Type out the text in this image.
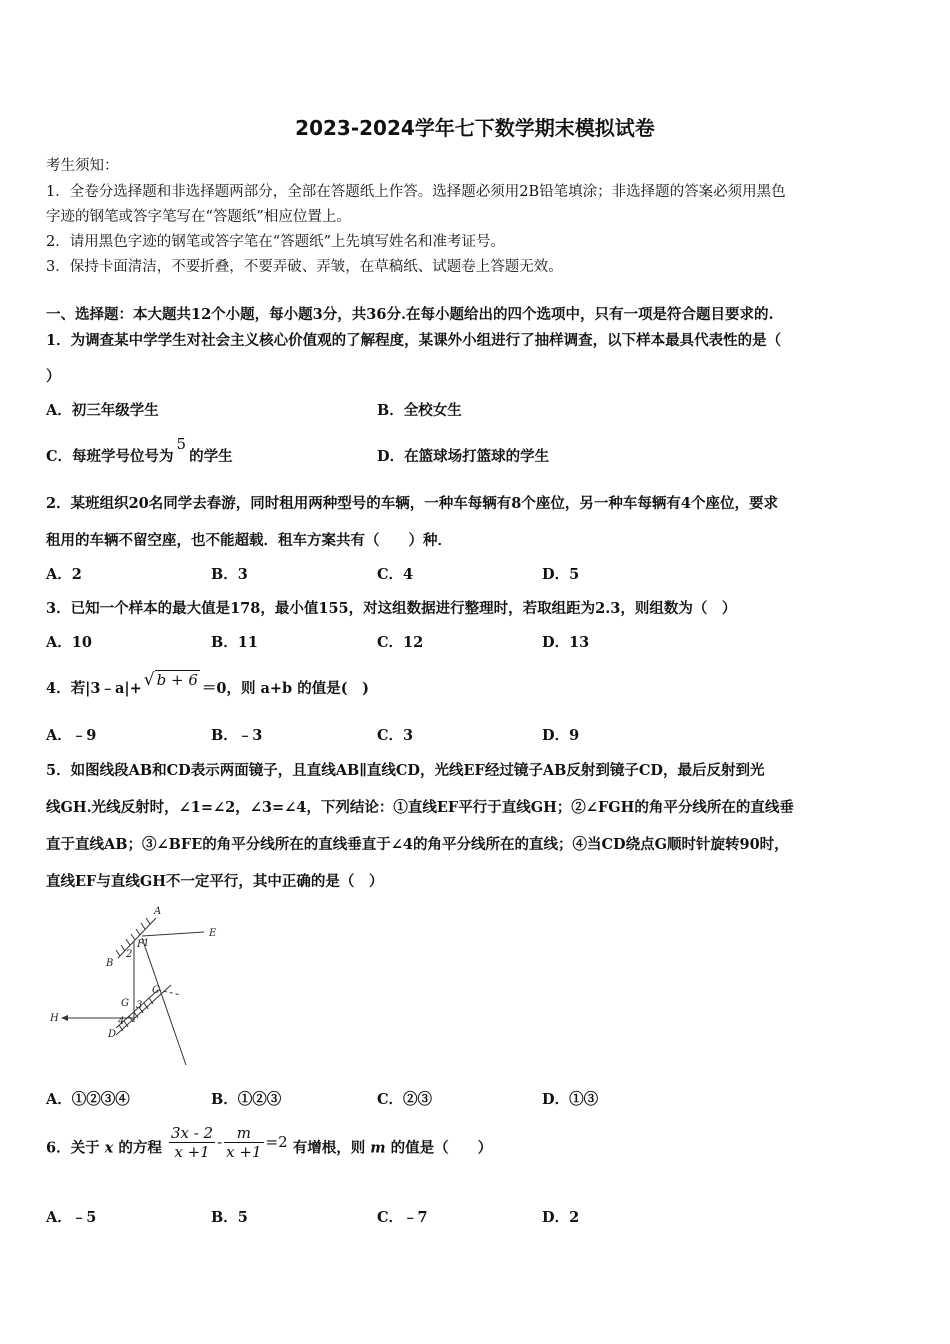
2023-2024学年七下数学期末模拟试卷
考生须知：
1．全卷分选择题和非选择题两部分，全部在答题纸上作答。选择题必须用2B铅笔填涂；非选择题的答案必须用黑色
字迹的钢笔或答字笔写在“答题纸”相应位置上。
2．请用黑色字迹的钢笔或答字笔在“答题纸”上先填写姓名和准考证号。
3．保持卡面清洁，不要折叠，不要弄破、弄皱，在草稿纸、试题卷上答题无效。
一、选择题：本大题共12个小题，每小题3分，共36分.在每小题给出的四个选项中，只有一项是符合题目要求的.
1．为调查某中学学生对社会主义核心价值观的了解程度，某课外小组进行了抽样调查，以下样本最具代表性的是（
）
A．初三年级学生	B．全校女生
C．每班学号位号为5的学生	D．在篮球场打篮球的学生
2．某班组织20名同学去春游，同时租用两种型号的车辆，一种车每辆有8个座位，另一种车每辆有4个座位，要求
租用的车辆不留空座，也不能超载．租车方案共有（　　）种．
A．2	B．3	C．4	D．5
3．已知一个样本的最大值是178，最小值155，对这组数据进行整理时，若取组距为2.3，则组数为（　）
A．10	B．11	C．12	D．13
4．若|3﹣a|+ √ b + 6 ＝0，则 a+b 的值是(　)
A．﹣9	B．﹣3	C．3	D．9
5．如图线段AB和CD表示两面镜子，且直线AB∥直线CD，光线EF经过镜子AB反射到镜子CD，最后反射到光
线GH.光线反射时，∠1=∠2，∠3=∠4，下列结论：①直线EF平行于直线GH；②∠FGH的角平分线所在的直线垂
直于直线AB；③∠BFE的角平分线所在的直线垂直于∠4的角平分线所在的直线；④当CD绕点G顺时针旋转90时，
直线EF与直线GH不一定平行，其中正确的是（　）
A
E
F
B
1
2
C
G 3
4
H
D
A．①②③④	B．①②③	C．②③	D．①③
6．关于 x 的方程 $\frac{3x - 2}{x +1} - \frac{m}{x +1} =2$ 有增根，则 m 的值是（　　）
A．﹣5	B．5	C．﹣7	D．2
